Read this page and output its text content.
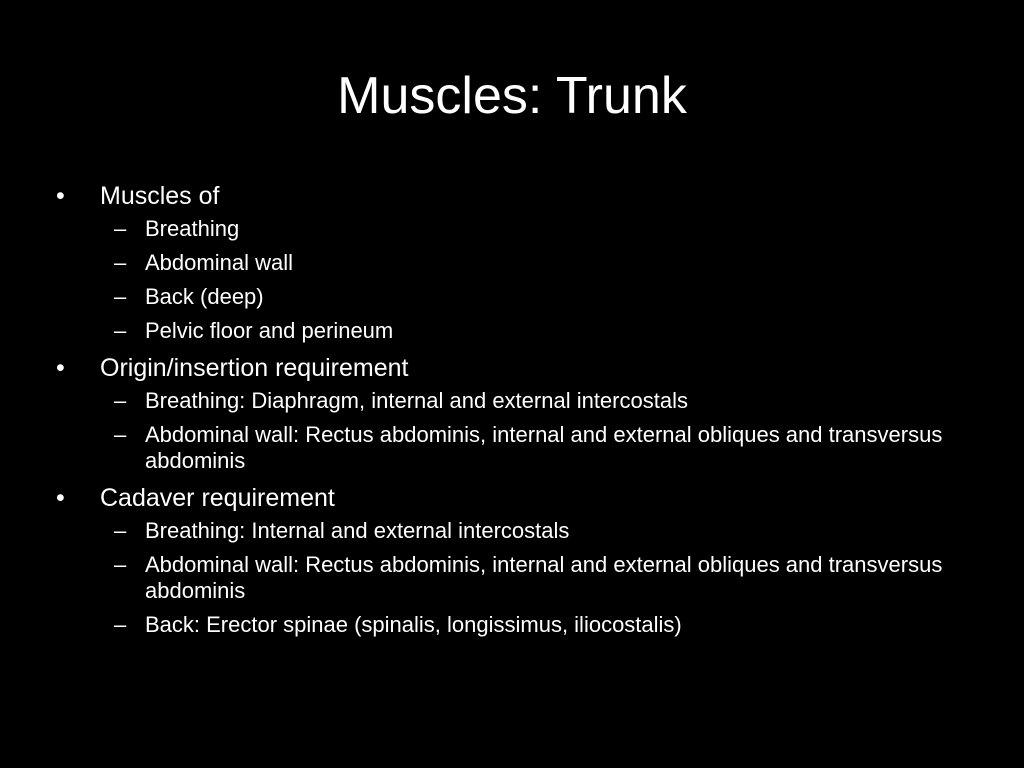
Muscles: Trunk
•	Muscles of
– Breathing
– Abdominal wall
– Back (deep)
– Pelvic floor and perineum
•	Origin/insertion requirement
– Breathing: Diaphragm, internal and external intercostals
– Abdominal wall: Rectus abdominis, internal and external obliques and transversus abdominis
•	Cadaver requirement
– Breathing: Internal and external intercostals
– Abdominal wall: Rectus abdominis, internal and external obliques and transversus abdominis
– Back: Erector spinae (spinalis, longissimus, iliocostalis)
